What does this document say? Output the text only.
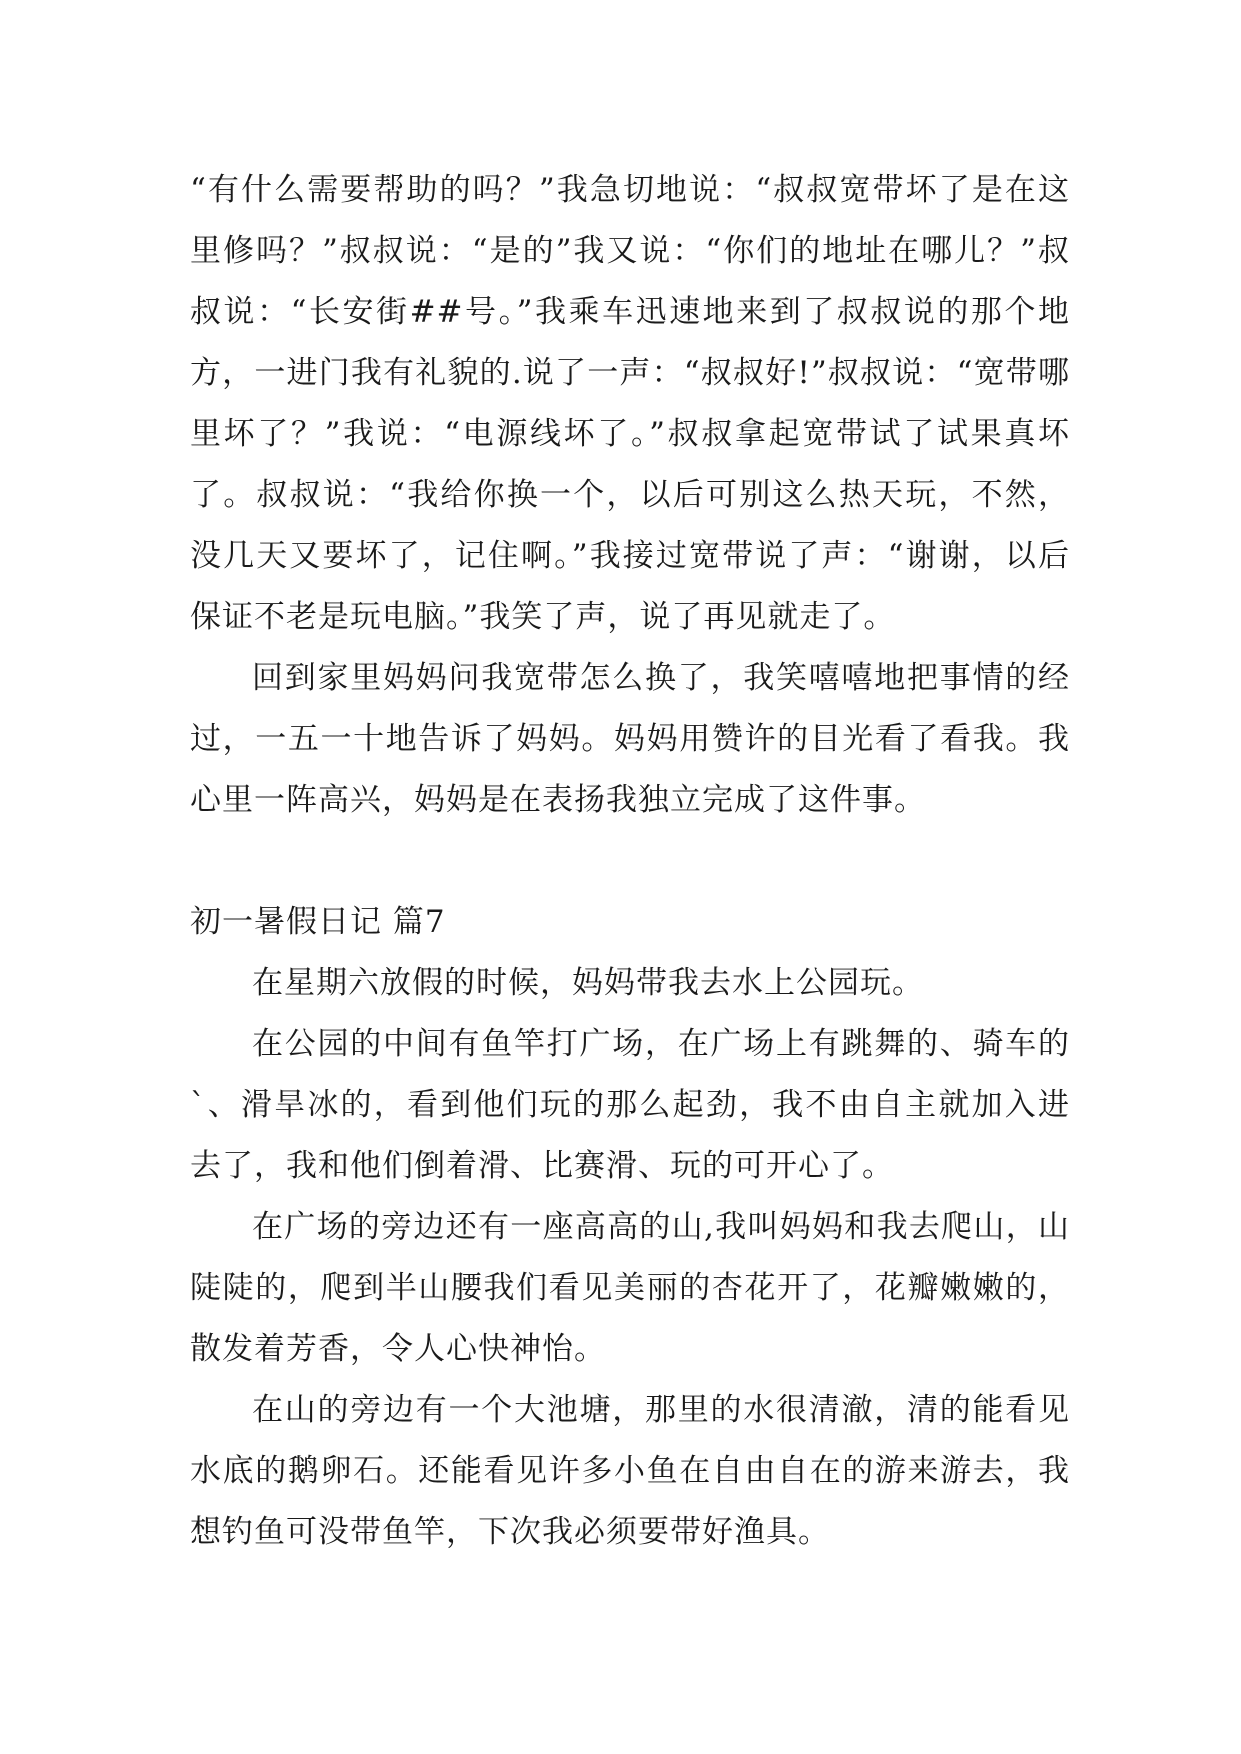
“有什么需要帮助的吗？”我急切地说：“叔叔宽带坏了是在这里修吗？”叔叔说：“是的”我又说：“你们的地址在哪儿？”叔叔说：“长安街##号。”我乘车迅速地来到了叔叔说的那个地方，一进门我有礼貌的.说了一声：“叔叔好!”叔叔说：“宽带哪里坏了？”我说：“电源线坏了。”叔叔拿起宽带试了试果真坏了。叔叔说：“我给你换一个，以后可别这么热天玩，不然，没几天又要坏了，记住啊。”我接过宽带说了声：“谢谢，以后保证不老是玩电脑。”我笑了声，说了再见就走了。

回到家里妈妈问我宽带怎么换了，我笑嘻嘻地把事情的经过，一五一十地告诉了妈妈。妈妈用赞许的目光看了看我。我心里一阵高兴，妈妈是在表扬我独立完成了这件事。

初一暑假日记 篇7

在星期六放假的时候，妈妈带我去水上公园玩。

在公园的中间有鱼竿打广场，在广场上有跳舞的、骑车的`、滑旱冰的，看到他们玩的那么起劲，我不由自主就加入进去了，我和他们倒着滑、比赛滑、玩的可开心了。

在广场的旁边还有一座高高的山,我叫妈妈和我去爬山，山陡陡的，爬到半山腰我们看见美丽的杏花开了，花瓣嫩嫩的，散发着芳香，令人心快神怡。

在山的旁边有一个大池塘，那里的水很清澈，清的能看见水底的鹅卵石。还能看见许多小鱼在自由自在的游来游去，我想钓鱼可没带鱼竿，下次我必须要带好渔具。
